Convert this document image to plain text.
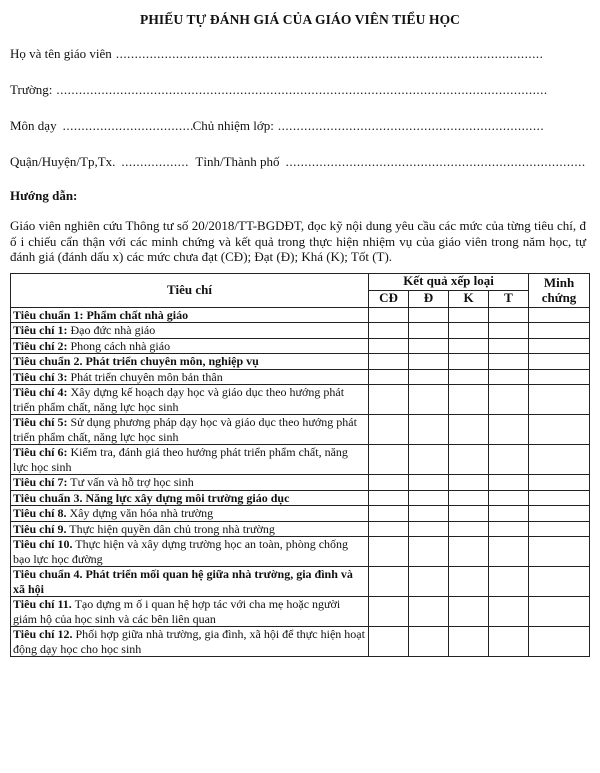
PHIẾU TỰ ĐÁNH GIÁ CỦA GIÁO VIÊN TIỂU HỌC
Họ và tên giáo viên ..................................................................................................................
Trường: ...................................................................................................................................
Môn dạy ...................................
Chủ nhiệm lớp: .......................................................................
Quận/Huyện/Tp,Tx. .................. Tỉnh/Thành phố ................................................................................
Hướng dẫn:
Giáo viên nghiên cứu Thông tư số 20/2018/TT-BGDĐT, đọc kỹ nội dung yêu cầu các mức của từng tiêu chí, đ ố i chiếu cẩn thận với các minh chứng và kết quả trong thực hiện nhiệm vụ của giáo viên trong năm học, tự đánh giá (đánh dấu x) các mức chưa đạt (CĐ); Đạt (Đ); Khá (K); Tốt (T).
Tiêu chí	Kết quả xếp loại				Minh chứng
	CĐ	Đ	K	T	
Tiêu chuẩn 1: Phẩm chất nhà giáo					
Tiêu chí 1: Đạo đức nhà giáo					
Tiêu chí 2: Phong cách nhà giáo					
Tiêu chuẩn 2. Phát triển chuyên môn, nghiệp vụ					
Tiêu chí 3: Phát triển chuyên môn bản thân					
Tiêu chí 4: Xây dựng kế hoạch dạy học và giáo dục theo hướng phát triển phẩm chất, năng lực học sinh					
Tiêu chí 5: Sử dụng phương pháp dạy học và giáo dục theo hướng phát triển phẩm chất, năng lực học sinh					
Tiêu chí 6: Kiểm tra, đánh giá theo hướng phát triển phẩm chất, năng lực học sinh					
Tiêu chí 7: Tư vấn và hỗ trợ học sinh					
Tiêu chuẩn 3. Năng lực xây dựng môi trường giáo dục					
Tiêu chí 8. Xây dựng văn hóa nhà trường					
Tiêu chí 9. Thực hiện quyền dân chủ trong nhà trường					
Tiêu chí 10. Thực hiện và xây dựng trường học an toàn, phòng chống bạo lực học đường					
Tiêu chuẩn 4. Phát triển mối quan hệ giữa nhà trường, gia đình và xã hội					
Tiêu chí 11. Tạo dựng m ố i quan hệ hợp tác với cha mẹ hoặc người giám hộ của học sinh và các bên liên quan					
Tiêu chí 12. Phối hợp giữa nhà trường, gia đình, xã hội để thực hiện hoạt động dạy học cho học sinh					
